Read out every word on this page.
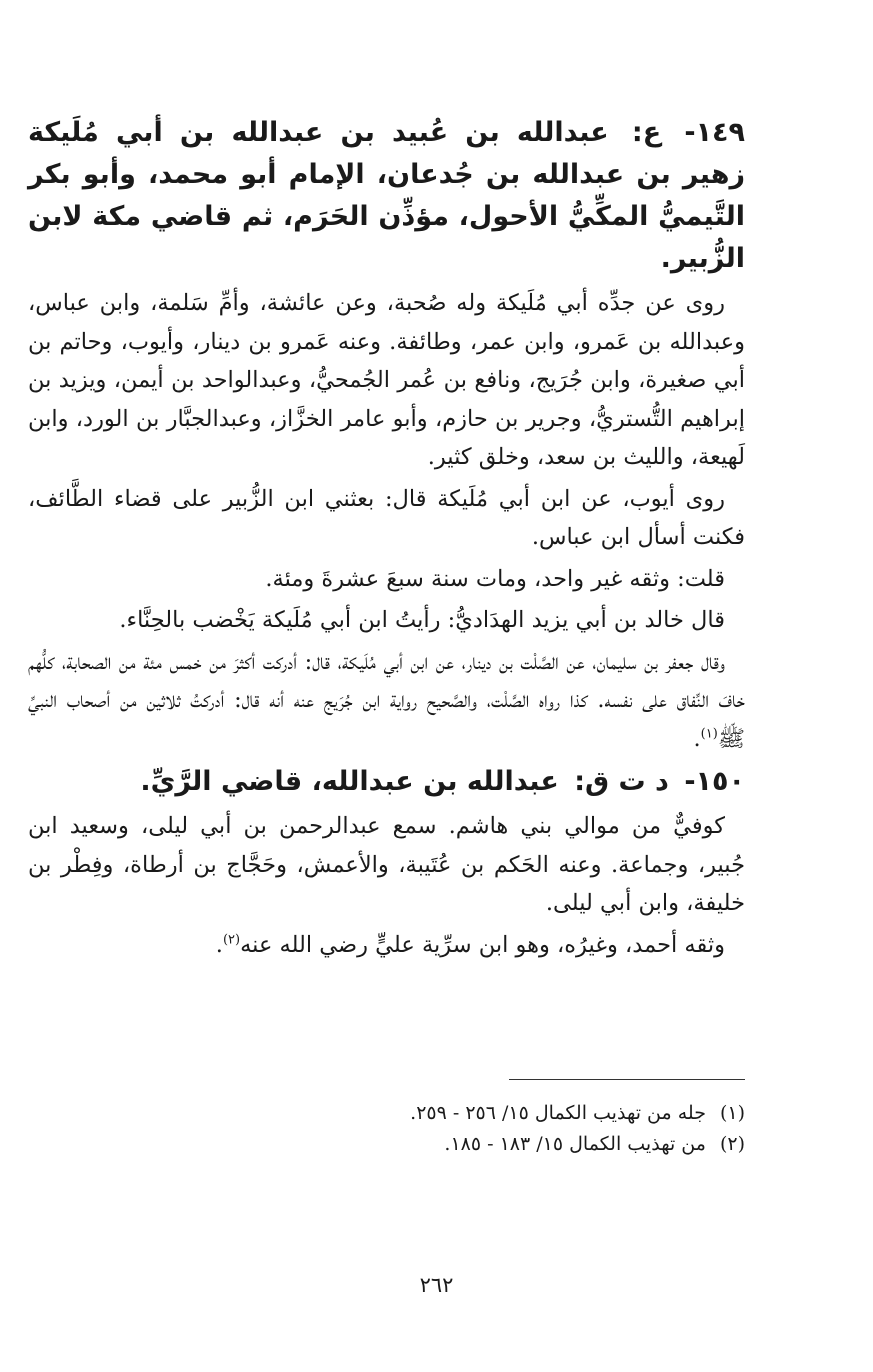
١٤٩- ع: عبدالله بن عُبيد بن عبدالله بن أبي مُلَيكة زهير بن عبدالله بن جُدعان، الإمام أبو محمد، وأبو بكر التَّيميُّ المكِّيُّ الأحول، مؤذِّن الحَرَم، ثم قاضي مكة لابن الزُّبير.

روى عن جدِّه أبي مُلَيكة وله صُحبة، وعن عائشة، وأمِّ سَلمة، وابن عباس، وعبدالله بن عَمرو، وابن عمر، وطائفة. وعنه عَمرو بن دينار، وأيوب، وحاتم بن أبي صغيرة، وابن جُرَيج، ونافع بن عُمر الجُمحيُّ، وعبدالواحد بن أيمن، ويزيد بن إبراهيم التُّستريُّ، وجرير بن حازم، وأبو عامر الخزَّاز، وعبدالجبَّار بن الورد، وابن لَهيعة، والليث بن سعد، وخلق كثير.

روى أيوب، عن ابن أبي مُلَيكة قال: بعثني ابن الزُّبير على قضاء الطَّائف، فكنت أسأل ابن عباس.

قلت: وثقه غير واحد، ومات سنة سبعَ عشرةَ ومئة.

قال خالد بن أبي يزيد الهدَاديُّ: رأيتُ ابن أبي مُلَيكة يَخْضب بالحِنَّاء.

وقال جعفر بن سليمان، عن الصَّلْت بن دينار، عن ابن أبي مُلَيكة، قال: أدركت أكثرَ من خمس مئة من الصحابة، كلُّهم خافَ النِّفاق على نفسه. كذا رواه الصَّلْت، والصَّحيح رواية ابن جُرَيج عنه أنه قال: أدركتُ ثلاثين من أصحاب النبيِّ ﷺ$^{(١)}$.

١٥٠- د ت ق: عبدالله بن عبدالله، قاضي الرَّيِّ.

كوفيٌّ من موالي بني هاشم. سمع عبدالرحمن بن أبي ليلى، وسعيد ابن جُبير، وجماعة. وعنه الحَكم بن عُتَيبة، والأعمش، وحَجَّاج بن أرطاة، وفِطْر بن خليفة، وابن أبي ليلى.

وثقه أحمد، وغيرُه، وهو ابن سرِّية عليٍّ رضي الله عنه$^{(٢)}$.

(١)جله من تهذيب الكمال ١٥/ ٢٥٦ - ٢٥٩.
(٢)من تهذيب الكمال ١٥/ ١٨٣ - ١٨٥.
٢٦٢
